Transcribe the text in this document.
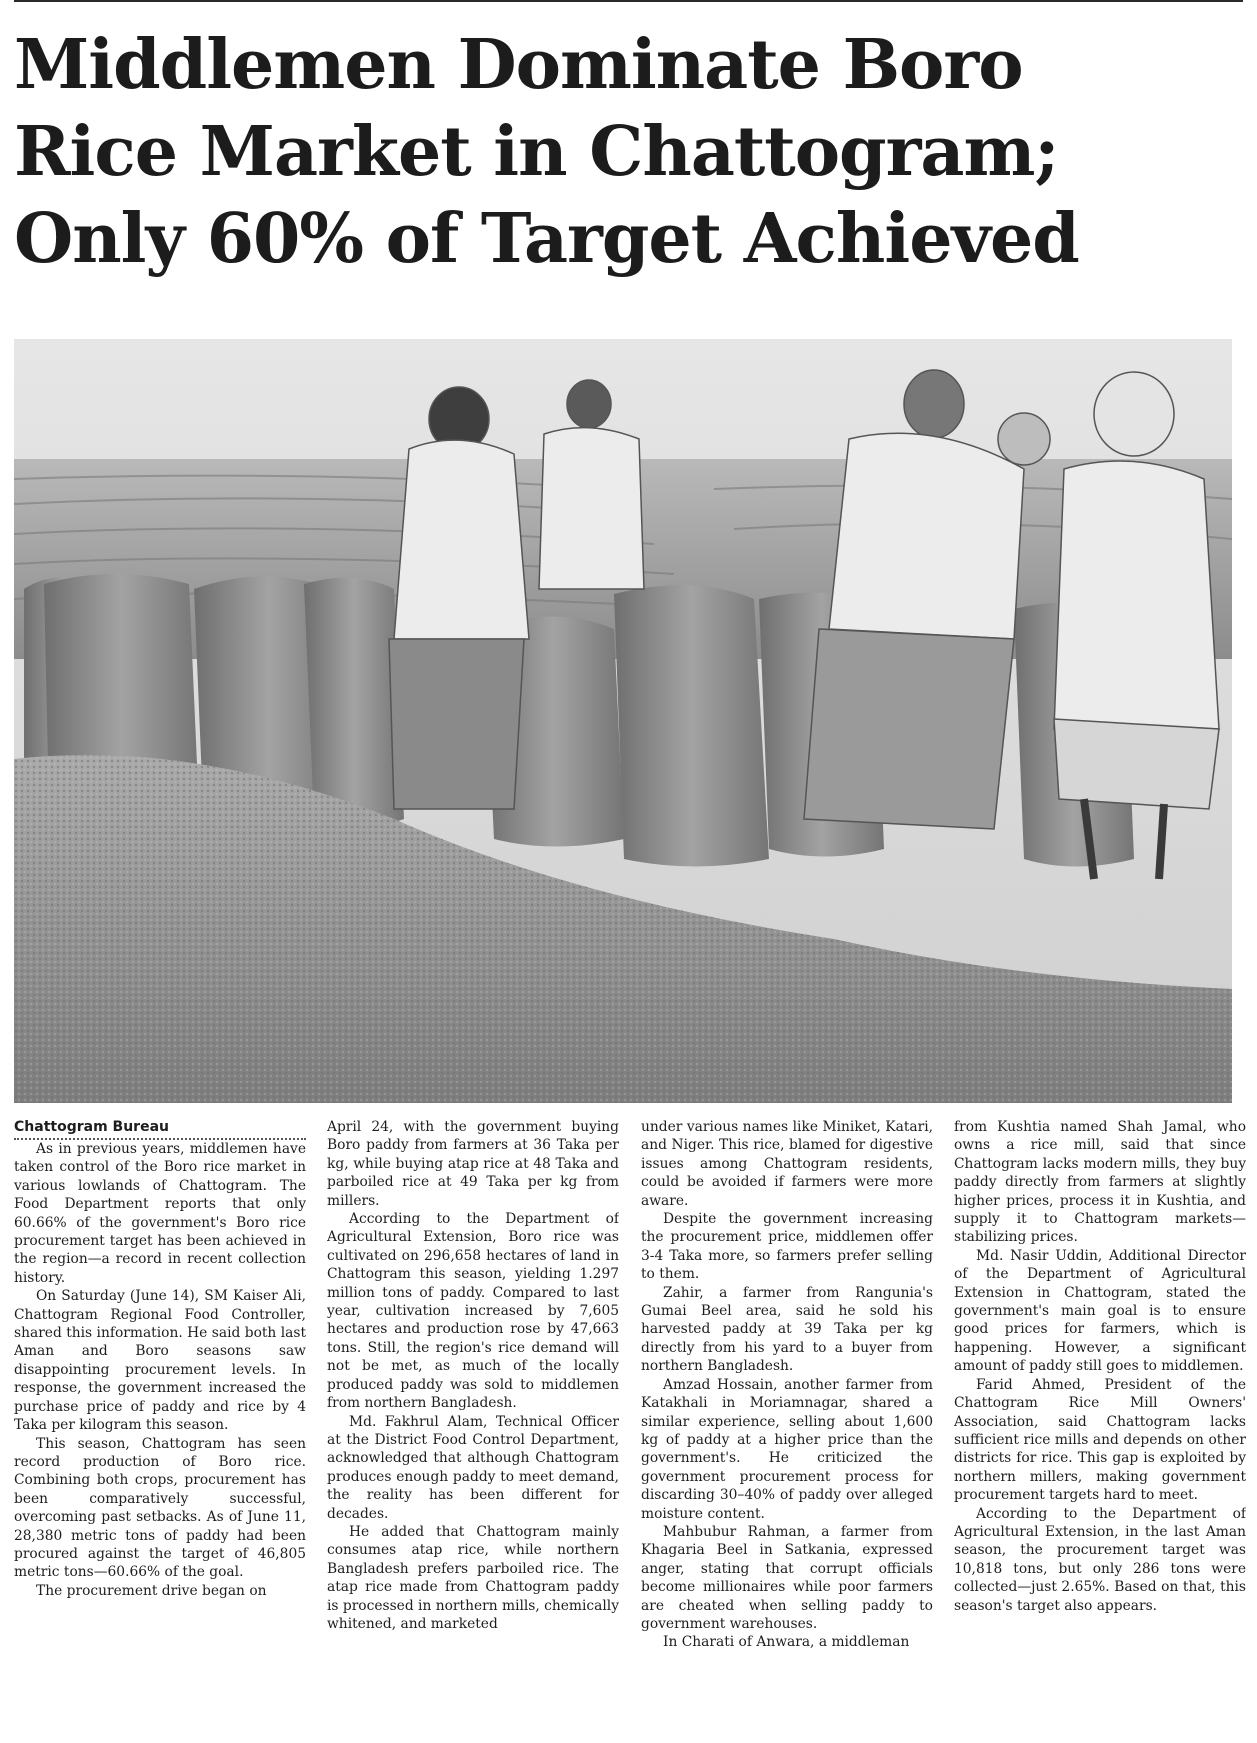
Middlemen Dominate Boro
Rice Market in Chattogram;
Only 60% of Target Achieved

Chattogram Bureau

As in previous years, middlemen have taken control of the Boro rice market in various lowlands of Chattogram. The Food Department reports that only 60.66% of the government's Boro rice procurement target has been achieved in the region—a record in recent collection history.

On Saturday (June 14), SM Kaiser Ali, Chattogram Regional Food Controller, shared this information. He said both last Aman and Boro seasons saw disappointing procurement levels. In response, the government increased the purchase price of paddy and rice by 4 Taka per kilogram this season.

This season, Chattogram has seen record production of Boro rice. Combining both crops, procurement has been comparatively successful, overcoming past setbacks. As of June 11, 28,380 metric tons of paddy had been procured against the target of 46,805 metric tons—60.66% of the goal.

The procurement drive began on

April 24, with the government buying Boro paddy from farmers at 36 Taka per kg, while buying atap rice at 48 Taka and parboiled rice at 49 Taka per kg from millers.

According to the Department of Agricultural Extension, Boro rice was cultivated on 296,658 hectares of land in Chattogram this season, yielding 1.297 million tons of paddy. Compared to last year, cultivation increased by 7,605 hectares and production rose by 47,663 tons. Still, the region's rice demand will not be met, as much of the locally produced paddy was sold to middlemen from northern Bangladesh.

Md. Fakhrul Alam, Technical Officer at the District Food Control Department, acknowledged that although Chattogram produces enough paddy to meet demand, the reality has been different for decades.

He added that Chattogram mainly consumes atap rice, while northern Bangladesh prefers parboiled rice. The atap rice made from Chattogram paddy is processed in northern mills, chemically whitened, and marketed

under various names like Miniket, Katari, and Niger. This rice, blamed for digestive issues among Chattogram residents, could be avoided if farmers were more aware.

Despite the government increasing the procurement price, middlemen offer 3-4 Taka more, so farmers prefer selling to them.

Zahir, a farmer from Rangunia's Gumai Beel area, said he sold his harvested paddy at 39 Taka per kg directly from his yard to a buyer from northern Bangladesh.

Amzad Hossain, another farmer from Katakhali in Moriamnagar, shared a similar experience, selling about 1,600 kg of paddy at a higher price than the government's. He criticized the government procurement process for discarding 30–40% of paddy over alleged moisture content.

Mahbubur Rahman, a farmer from Khagaria Beel in Satkania, expressed anger, stating that corrupt officials become millionaires while poor farmers are cheated when selling paddy to government warehouses.

In Charati of Anwara, a middleman

from Kushtia named Shah Jamal, who owns a rice mill, said that since Chattogram lacks modern mills, they buy paddy directly from farmers at slightly higher prices, process it in Kushtia, and supply it to Chattogram markets—stabilizing prices.

Md. Nasir Uddin, Additional Director of the Department of Agricultural Extension in Chattogram, stated the government's main goal is to ensure good prices for farmers, which is happening. However, a significant amount of paddy still goes to middlemen.

Farid Ahmed, President of the Chattogram Rice Mill Owners' Association, said Chattogram lacks sufficient rice mills and depends on other districts for rice. This gap is exploited by northern millers, making government procurement targets hard to meet.

According to the Department of Agricultural Extension, in the last Aman season, the procurement target was 10,818 tons, but only 286 tons were collected—just 2.65%. Based on that, this season's target also appears.
